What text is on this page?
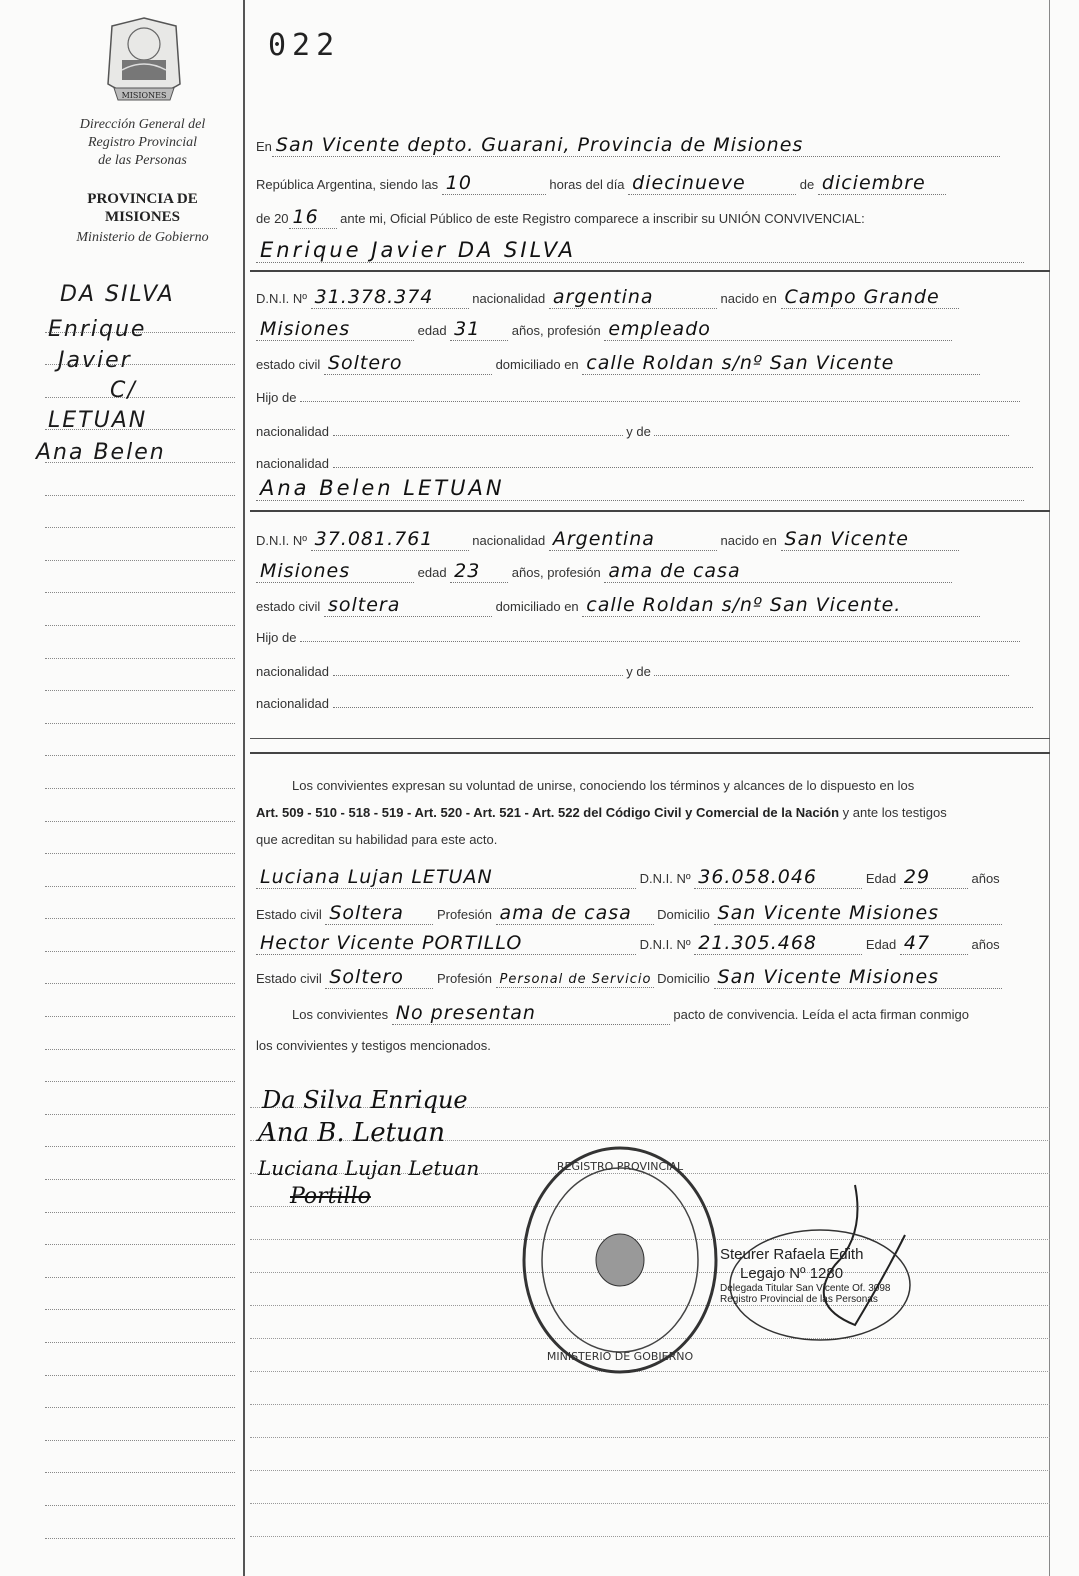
MISIONES
Dirección General del
Registro Provincial
de las Personas
PROVINCIA DE
MISIONES
Ministerio de Gobierno
DA SILVA
Enrique
Javier
C/
LETUAN
Ana Belen
022
En San Vicente depto. Guarani, Provincia de Misiones
República Argentina, siendo las 10	horas del día diecinueve	de diciembre
de 20 16 ante mi, Oficial Público de este Registro comparece a inscribir su UNIÓN CONVIVENCIAL:
Enrique Javier DA SILVA
D.N.I. Nº 31.378.374	nacionalidad argentina	nacido en Campo Grande
Misiones	edad 31 años, profesión empleado
estado civil Soltero	domiciliado en calle Roldan s/nº San Vicente
Hijo de
nacionalidad	y de
nacionalidad
Ana Belen LETUAN
D.N.I. Nº 37.081.761	nacionalidad Argentina	nacido en San Vicente
Misiones	edad 23 años, profesión ama de casa
estado civil soltera	domiciliado en calle Roldan s/nº San Vicente.
Hijo de
nacionalidad	y de
nacionalidad
Los convivientes expresan su voluntad de unirse, conociendo los términos y alcances de lo dispuesto en los
Art. 509 - 510 - 518 - 519 - Art. 520 - Art. 521 - Art. 522 del Código Civil y Comercial de la Nación y ante los testigos
que acreditan su habilidad para este acto.
Luciana Lujan LETUAN	D.N.I. Nº 36.058.046	Edad 29	años
Estado civil Soltera	Profesión ama de casa Domicilio San Vicente Misiones
Hector Vicente PORTILLO	D.N.I. Nº 21.305.468	Edad 47	años
Estado civil Soltero	Profesión Personal de Servicio Domicilio San Vicente Misiones
Los convivientes No presentan	pacto de convivencia. Leída el acta firman conmigo
los convivientes y testigos mencionados.
Da Silva Enrique
Ana B. Letuan
Luciana Lujan Letuan
Portillo
REGISTRO PROVINCIAL
MINISTERIO DE GOBIERNO
Steurer Rafaela Edith
Legajo Nº 1280
Delegada Titular San Vicente Of. 3098
Registro Provincial de las Personas
